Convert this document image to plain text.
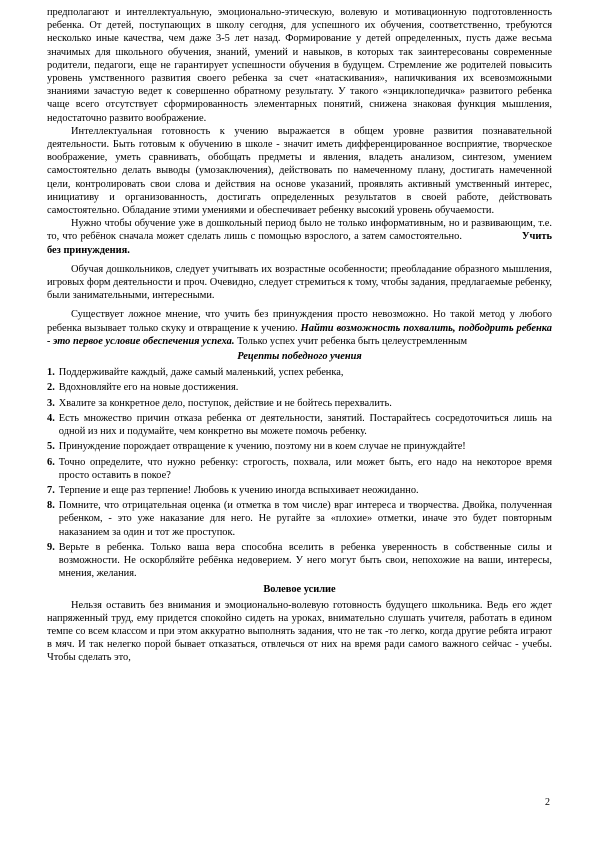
предполагают и интеллектуальную, эмоционально-этическую, волевую и мотивационную подготовленность ребенка. От детей, поступающих в школу сегодня, для успешного их обучения, соответственно, требуются несколько иные качества, чем даже 3-5 лет назад. Формирование у детей определенных, пусть даже весьма значимых для школьного обучения, знаний, умений и навыков, в которых так заинтересованы современные родители, педагоги, еще не гарантирует успешности обучения в будущем. Стремление же родителей повысить уровень умственного развития своего ребенка за счет «натаскивания», напичкивания их всевозможными знаниями зачастую ведет к совершенно обратному результату. У такого «энциклопедичка» развитого ребенка чаще всего отсутствует сформированность элементарных понятий, снижена знаковая функция мышления, недостаточно развито воображение.

Интеллектуальная готовность к учению выражается в общем уровне развития познавательной деятельности. Быть готовым к обучению в школе - значит иметь дифференцированное восприятие, творческое воображение, уметь сравнивать, обобщать предметы и явления, владеть анализом, синтезом, умением самостоятельно делать выводы (умозаключения), действовать по намеченному плану, достигать намеченной цели, контролировать свои слова и действия на основе указаний, проявлять активный умственный интерес, инициативу и организованность, достигать определенных результатов в своей работе, действовать самостоятельно. Обладание этими умениями и обеспечивает ребенку высокий уровень обучаемости.

Нужно чтобы обучение уже в дошкольный период было не только информативным, но и развивающим, т.е. то, что ребёнок сначала может сделать лишь с помощью взрослого, а затем самостоятельно.	Учить без принуждения.

Обучая дошкольников, следует учитывать их возрастные особенности; преобладание образного мышления, игровых форм деятельности и проч. Очевидно, следует стремиться к тому, чтобы задания, предлагаемые ребенку, были занимательными, интересными.

Существует ложное мнение, что учить без принуждения просто невозможно. Но такой метод у любого ребенка вызывает только скуку и отвращение к учению. Найти возможность похвалить, подбодрить ребенка - это первое условие обеспечения успеха. Только успех учит ребенка быть целеустремленным

Рецепты победного учения
1. Поддерживайте каждый, даже самый маленький, успех ребенка,
2. Вдохновляйте его на новые достижения.
3. Хвалите за конкретное дело, поступок, действие и не бойтесь перехвалить.
4. Есть множество причин отказа ребенка от деятельности, занятий. Постарайтесь сосредоточиться лишь на одной из них и подумайте, чем конкретно вы можете помочь ребенку.
5. Принуждение порождает отвращение к учению, поэтому ни в коем случае не принуждайте!
6. Точно определите, что нужно ребенку: строгость, похвала, или может быть, его надо на некоторое время просто оставить в покое?
7. Терпение и еще раз терпение! Любовь к учению иногда вспыхивает неожиданно.
8. Помните, что отрицательная оценка (и отметка в том числе) враг интереса и творчества. Двойка, полученная ребенком, - это уже наказание для него. Не ругайте за «плохие» отметки, иначе это будет повторным наказанием за один и тот же проступок.
9. Верьте в ребенка. Только ваша вера способна вселить в ребенка уверенность в собственные силы и возможности. Не оскорбляйте ребёнка недоверием. У него могут быть свои, непохожие на ваши, интересы, мнения, желания.
Волевое усилие

Нельзя оставить без внимания и эмоционально-волевую готовность будущего школьника. Ведь его ждет напряженный труд, ему придется спокойно сидеть на уроках, внимательно слушать учителя, работать в едином темпе со всем классом и при этом аккуратно выполнять задания, что не так -то легко, когда другие ребята играют в мяч. И так нелегко порой бывает отказаться, отвлечься от них на время ради самого важного сейчас - учебы. Чтобы сделать это,

2
